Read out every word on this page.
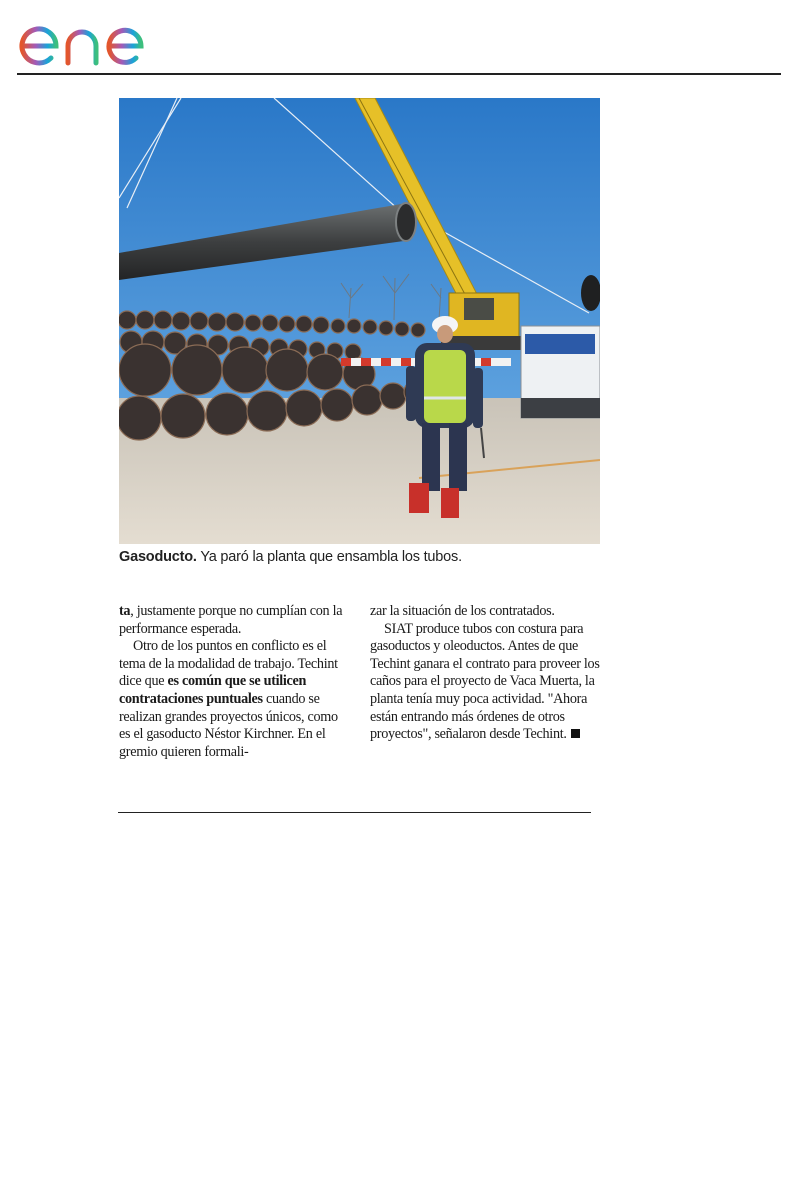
Gasoducto. Ya paró la planta que ensambla los tubos.

ta, justamente porque no cumplían con la performance esperada.

Otro de los puntos en conflicto es el tema de la modalidad de trabajo. Techint dice que es común que se utilicen contrataciones puntuales cuando se realizan grandes proyectos únicos, como es el gasoducto Néstor Kirchner. En el gremio quieren formali-

zar la situación de los contratados.

SIAT produce tubos con costura para gasoductos y oleoductos. Antes de que Techint ganara el contrato para proveer los caños para el proyecto de Vaca Muerta, la planta tenía muy poca actividad. "Ahora están entrando más órdenes de otros proyectos", señalaron desde Techint.
